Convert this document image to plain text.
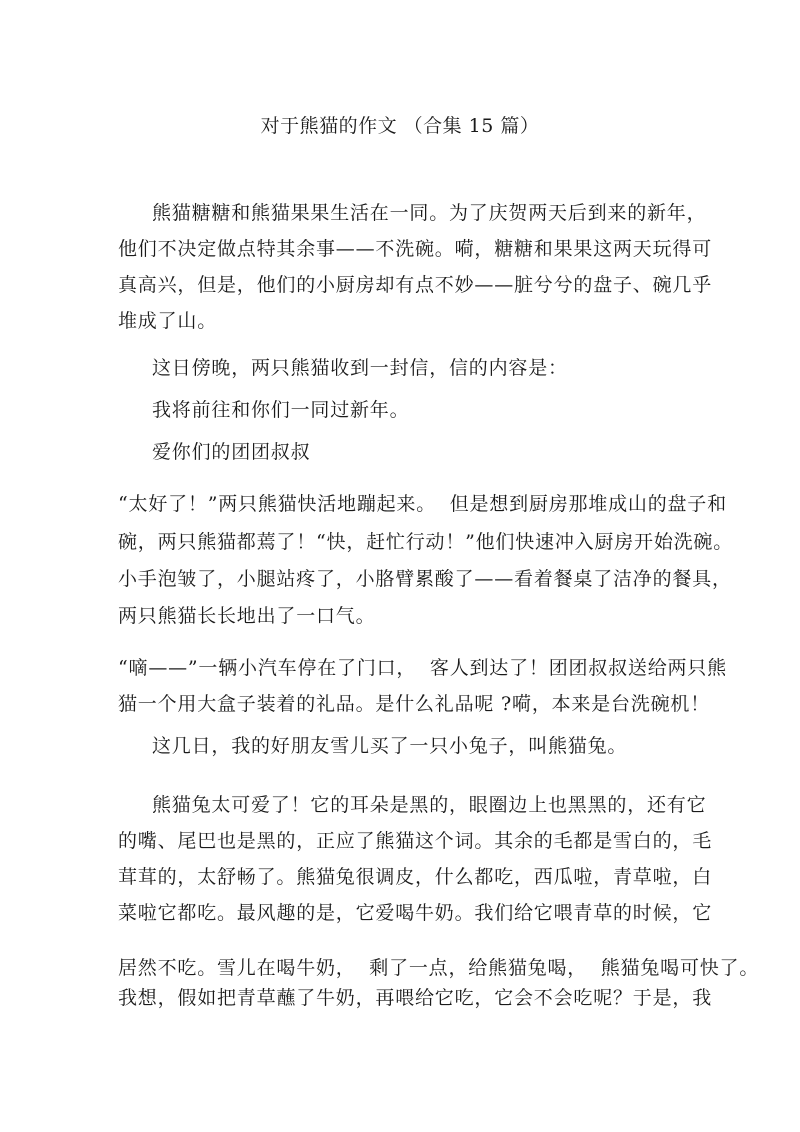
对于熊猫的作文 （合集 15 篇）
熊猫糖糖和熊猫果果生活在一同。为了庆贺两天后到来的新年，
他们不决定做点特其余事——不洗碗。嗬，糖糖和果果这两天玩得可
真高兴，但是，他们的小厨房却有点不妙——脏兮兮的盘子、碗几乎
堆成了山。
这日傍晚，两只熊猫收到一封信，信的内容是：
我将前往和你们一同过新年。
爱你们的团团叔叔
“太好了！”两只熊猫快活地蹦起来。  但是想到厨房那堆成山的盘子和
碗，两只熊猫都蔫了！“快，赶忙行动！”他们快速冲入厨房开始洗碗。
小手泡皱了，小腿站疼了，小胳臂累酸了——看着餐桌了洁净的餐具，
两只熊猫长长地出了一口气。
“嘀——”一辆小汽车停在了门口，  客人到达了！团团叔叔送给两只熊
猫一个用大盒子装着的礼品。是什么礼品呢 ?嗬，本来是台洗碗机！
这几日，我的好朋友雪儿买了一只小兔子，叫熊猫兔。
熊猫兔太可爱了！它的耳朵是黑的，眼圈边上也黑黑的，还有它
的嘴、尾巴也是黑的，正应了熊猫这个词。其余的毛都是雪白的，毛
茸茸的，太舒畅了。熊猫兔很调皮，什么都吃，西瓜啦，青草啦，白
菜啦它都吃。最风趣的是，它爱喝牛奶。我们给它喂青草的时候，它
居然不吃。雪儿在喝牛奶，  剩了一点，给熊猫兔喝，  熊猫兔喝可快了。
我想，假如把青草蘸了牛奶，再喂给它吃，它会不会吃呢？于是，我
